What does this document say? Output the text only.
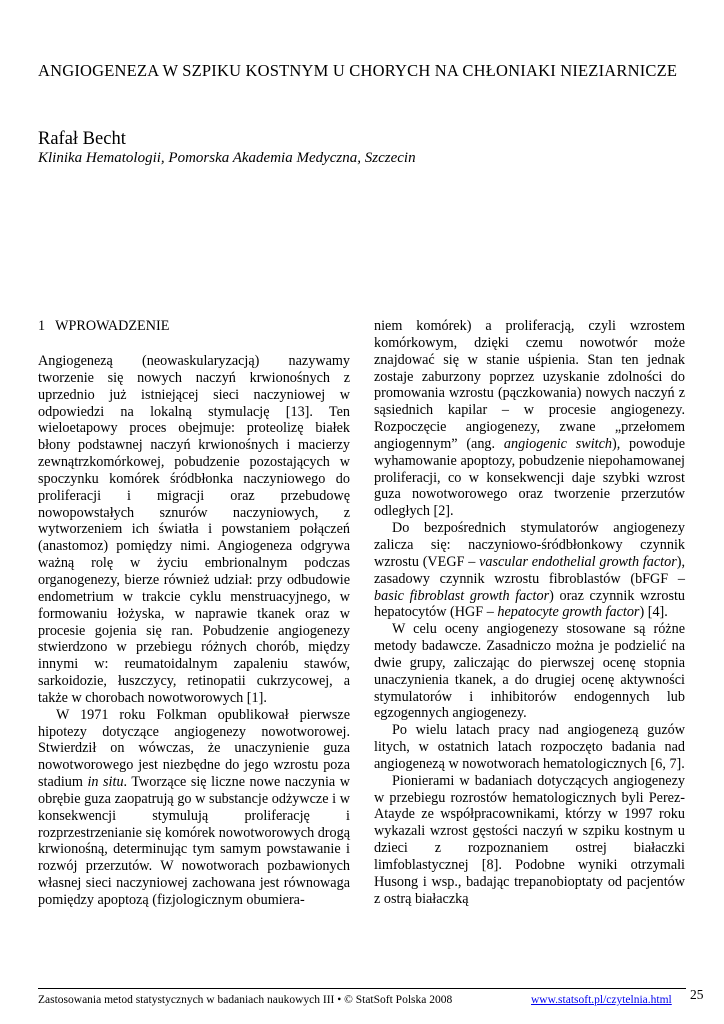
ANGIOGENEZA W SZPIKU KOSTNYM U CHORYCH NA CHŁONIAKI NIEZIARNICZE
Rafał Becht
Klinika Hematologii, Pomorska Akademia Medyczna, Szczecin
1 WPROWADZENIE

Angiogenezą (neowaskularyzacją) nazywamy tworzenie się nowych naczyń krwionośnych z uprzednio już istniejącej sieci naczyniowej w odpowiedzi na lokalną stymulację [13]. Ten wieloetapowy proces obejmuje: proteolizę białek błony podstawnej naczyń krwionośnych i macierzy zewnątrzkomórkowej, pobudzenie pozostających w spoczynku komórek śródbłonka naczyniowego do proliferacji i migracji oraz przebudowę nowopowstałych sznurów naczyniowych, z wytworzeniem ich światła i powstaniem połączeń (anastomoz) pomiędzy nimi. Angiogeneza odgrywa ważną rolę w życiu embrionalnym podczas organogenezy, bierze również udział: przy odbudowie endometrium w trakcie cyklu menstruacyjnego, w formowaniu łożyska, w naprawie tkanek oraz w procesie gojenia się ran. Pobudzenie angiogenezy stwierdzono w przebiegu różnych chorób, między innymi w: reumatoidalnym zapaleniu stawów, sarkoidozie, łuszczycy, retinopatii cukrzycowej, a także w chorobach nowotworowych [1].

W 1971 roku Folkman opublikował pierwsze hipotezy dotyczące angiogenezy nowotworowej. Stwierdził on wówczas, że unaczynienie guza nowotworowego jest niezbędne do jego wzrostu poza stadium in situ. Tworzące się liczne nowe naczynia w obrębie guza zaopatrują go w substancje odżywcze i w konsekwencji stymulują proliferację i rozprzestrzenianie się komórek nowotworowych drogą krwionośną, determinując tym samym powstawanie i rozwój przerzutów. W nowotworach pozbawionych własnej sieci naczyniowej zachowana jest równowaga pomiędzy apoptozą (fizjologicznym obumiera-

niem komórek) a proliferacją, czyli wzrostem komórkowym, dzięki czemu nowotwór może znajdować się w stanie uśpienia. Stan ten jednak zostaje zaburzony poprzez uzyskanie zdolności do promowania wzrostu (pączkowania) nowych naczyń z sąsiednich kapilar – w procesie angiogenezy. Rozpoczęcie angiogenezy, zwane „przełomem angiogennym” (ang. angiogenic switch), powoduje wyhamowanie apoptozy, pobudzenie niepohamowanej proliferacji, co w konsekwencji daje szybki wzrost guza nowotworowego oraz tworzenie przerzutów odległych [2].

Do bezpośrednich stymulatorów angiogenezy zalicza się: naczyniowo-śródbłonkowy czynnik wzrostu (VEGF – vascular endothelial growth factor), zasadowy czynnik wzrostu fibroblastów (bFGF – basic fibroblast growth factor) oraz czynnik wzrostu hepatocytów (HGF – hepatocyte growth factor) [4].

W celu oceny angiogenezy stosowane są różne metody badawcze. Zasadniczo można je podzielić na dwie grupy, zaliczając do pierwszej ocenę stopnia unaczynienia tkanek, a do drugiej ocenę aktywności stymulatorów i inhibitorów endogennych lub egzogennych angiogenezy.

Po wielu latach pracy nad angiogenezą guzów litych, w ostatnich latach rozpoczęto badania nad angiogenezą w nowotworach hematologicznych [6, 7].

Pionierami w badaniach dotyczących angiogenezy w przebiegu rozrostów hematologicznych byli Perez-Atayde ze współpracownikami, którzy w 1997 roku wykazali wzrost gęstości naczyń w szpiku kostnym u dzieci z rozpoznaniem ostrej białaczki limfoblastycznej [8]. Podobne wyniki otrzymali Husong i wsp., badając trepanobioptaty od pacjentów z ostrą białaczką

Zastosowania metod statystycznych w badaniach naukowych III • © StatSoft Polska 2008	www.statsoft.pl/czytelnia.html 25
